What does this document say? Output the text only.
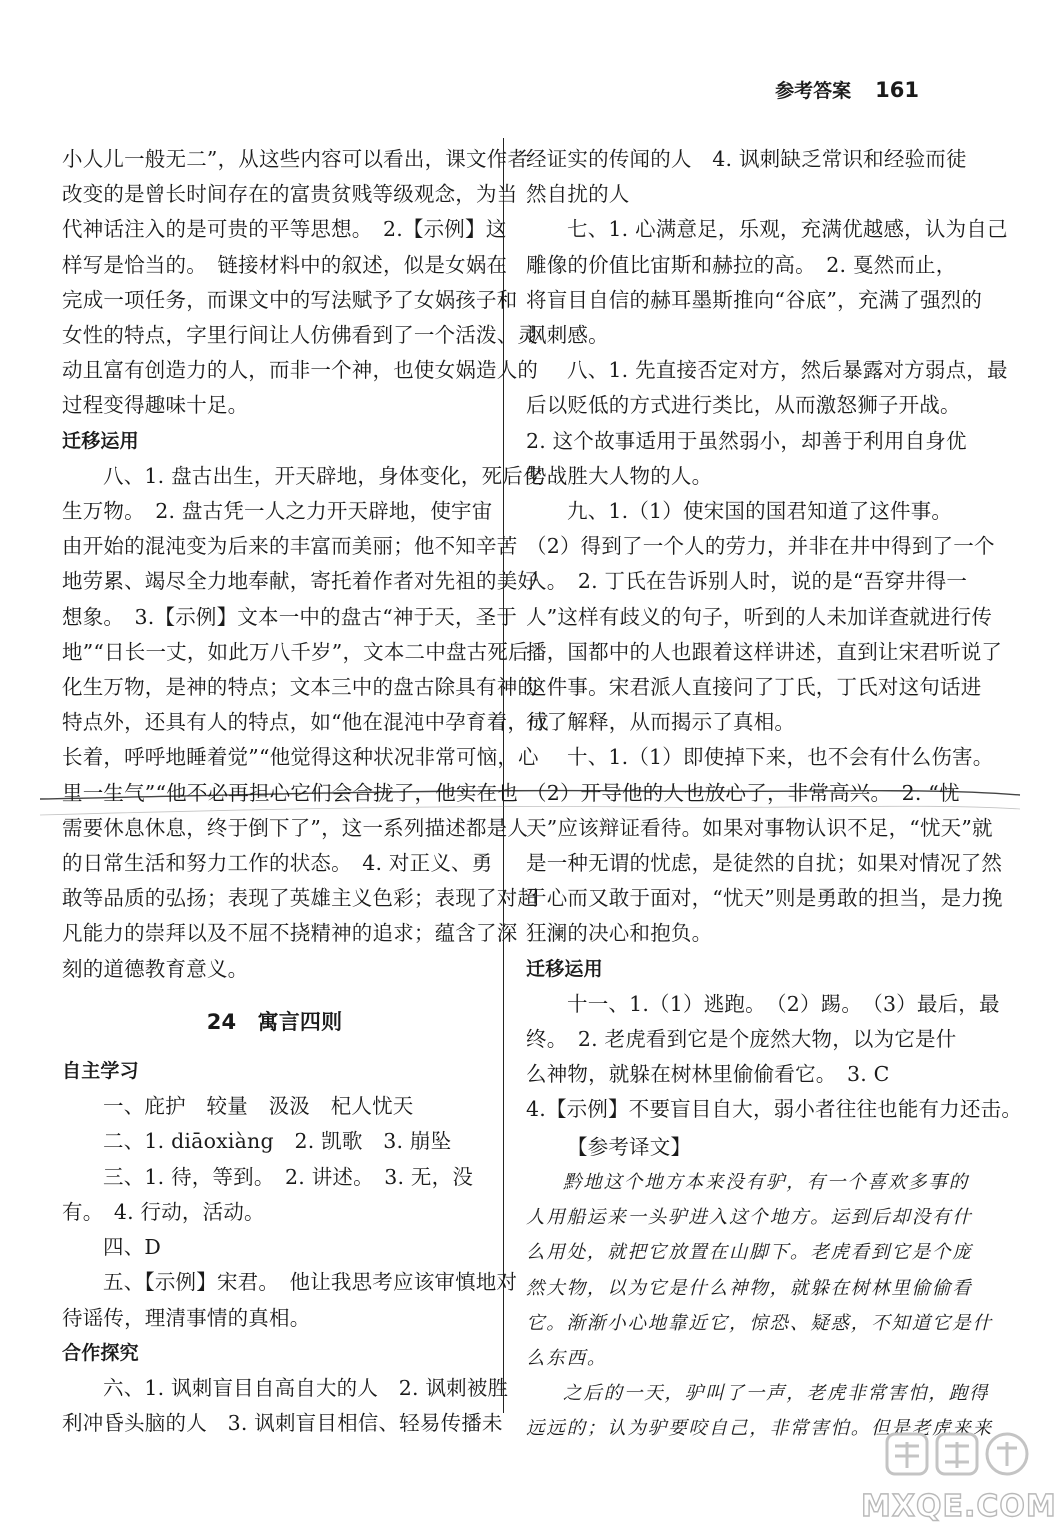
参考答案 161
小人儿一般无二”，从这些内容可以看出，课文作者
改变的是曾长时间存在的富贵贫贱等级观念，为当
代神话注入的是可贵的平等思想。　2.【示例】这
样写是恰当的。　链接材料中的叙述，似是女娲在
完成一项任务，而课文中的写法赋予了女娲孩子和
女性的特点，字里行间让人仿佛看到了一个活泼、灵
动且富有创造力的人，而非一个神，也使女娲造人的
过程变得趣味十足。
迁移运用
八、1. 盘古出生，开天辟地，身体变化，死后化
生万物。　2. 盘古凭一人之力开天辟地，使宇宙
由开始的混沌变为后来的丰富而美丽；他不知辛苦
地劳累、竭尽全力地奉献，寄托着作者对先祖的美好
想象。　3.【示例】文本一中的盘古“神于天，圣于
地”“日长一丈，如此万八千岁”，文本二中盘古死后
化生万物，是神的特点；文本三中的盘古除具有神的
特点外，还具有人的特点，如“他在混沌中孕育着，成
长着，呼呼地睡着觉”“他觉得这种状况非常可恼，心
里一生气”“他不必再担心它们会合拢了，他实在也
需要休息休息，终于倒下了”，这一系列描述都是人
的日常生活和努力工作的状态。　4. 对正义、勇
敢等品质的弘扬；表现了英雄主义色彩；表现了对超
凡能力的崇拜以及不屈不挠精神的追求；蕴含了深
刻的道德教育意义。
24　寓言四则
自主学习
一、庇护　较量　汲汲　杞人忧天
二、1. diāoxiàng　2. 凯歌　3. 崩坠
三、1. 待，等到。　2. 讲述。　3. 无，没
有。　4. 行动，活动。
四、D
五、【示例】宋君。　他让我思考应该审慎地对
待谣传，理清事情的真相。
合作探究
六、1. 讽刺盲目自高自大的人　2. 讽刺被胜
利冲昏头脑的人　3. 讽刺盲目相信、轻易传播未
经证实的传闻的人　4. 讽刺缺乏常识和经验而徒
然自扰的人
七、1. 心满意足，乐观，充满优越感，认为自己
雕像的价值比宙斯和赫拉的高。　2. 戛然而止，
将盲目自信的赫耳墨斯推向“谷底”，充满了强烈的
讽刺感。
八、1. 先直接否定对方，然后暴露对方弱点，最
后以贬低的方式进行类比，从而激怒狮子开战。
2. 这个故事适用于虽然弱小，却善于利用自身优
势战胜大人物的人。
九、1.（1）使宋国的国君知道了这件事。
（2）得到了一个人的劳力，并非在井中得到了一个
人。　2. 丁氏在告诉别人时，说的是“吾穿井得一
人”这样有歧义的句子，听到的人未加详查就进行传
播，国都中的人也跟着这样讲述，直到让宋君听说了
这件事。宋君派人直接问了丁氏，丁氏对这句话进
行了解释，从而揭示了真相。
十、1.（1）即使掉下来，也不会有什么伤害。
（2）开导他的人也放心了，非常高兴。　2. “忧
天”应该辩证看待。如果对事物认识不足，“忧天”就
是一种无谓的忧虑，是徒然的自扰；如果对情况了然
于心而又敢于面对，“忧天”则是勇敢的担当，是力挽
狂澜的决心和抱负。
迁移运用
十一、1.（1）逃跑。　（2）踢。　（3）最后，最
终。　2. 老虎看到它是个庞然大物，以为它是什
么神物，就躲在树林里偷偷看它。　3. C
4.【示例】不要盲目自大，弱小者往往也能有力还击。
【参考译文】
黔地这个地方本来没有驴，有一个喜欢多事的
人用船运来一头驴进入这个地方。运到后却没有什
么用处，就把它放置在山脚下。老虎看到它是个庞
然大物，以为它是什么神物，就躲在树林里偷偷看
它。渐渐小心地靠近它，惊恐、疑惑，不知道它是什
么东西。
之后的一天，驴叫了一声，老虎非常害怕，跑得
远远的；认为驴要咬自己，非常害怕。但是老虎来来
MXQE.COM
